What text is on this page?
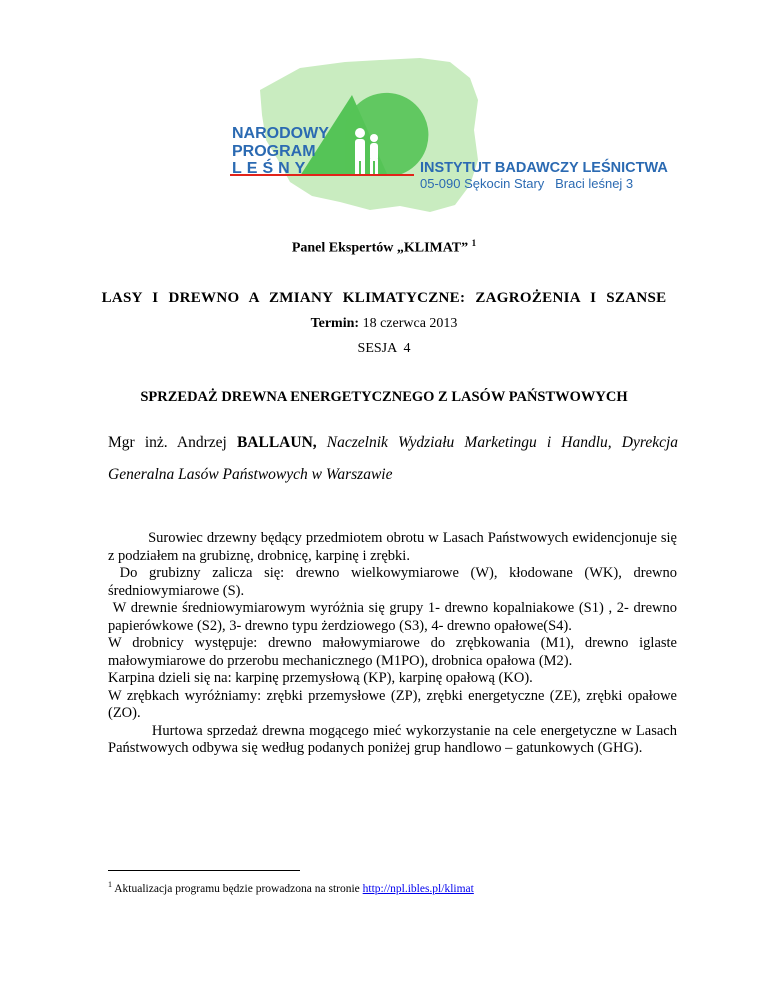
NARODOWY
PROGRAM
LEŚNY	INSTYTUT BADAWCZY LEŚNICTWA
05-090 Sękocin Stary   Braci leśnej 3
Panel Ekspertów „KLIMAT” $^1$
LASY I DREWNO A ZMIANY KLIMATYCZNE: ZAGROŻENIA I SZANSE
Termin: 18 czerwca 2013
SESJA  4
SPRZEDAŻ DREWNA ENERGETYCZNEGO Z LASÓW PAŃSTWOWYCH
Mgr inż. Andrzej BALLAUN, Naczelnik Wydziału Marketingu i Handlu, Dyrekcja Generalna Lasów Państwowych w Warszawie

Surowiec drzewny będący przedmiotem obrotu w Lasach Państwowych ewidencjonuje się z podziałem na grubiznę, drobnicę, karpinę i zrębki.

Do grubizny zalicza się: drewno wielkowymiarowe (W), kłodowane (WK), drewno średniowymiarowe (S).

W drewnie średniowymiarowym wyróżnia się grupy 1- drewno kopalniakowe (S1) , 2- drewno papierówkowe (S2), 3- drewno typu żerdziowego (S3), 4- drewno opałowe(S4).

W drobnicy występuje: drewno małowymiarowe do zrębkowania (M1), drewno iglaste małowymiarowe do przerobu mechanicznego (M1PO), drobnica opałowa (M2).

Karpina dzieli się na: karpinę przemysłową (KP), karpinę opałową (KO).

W zrębkach wyróżniamy: zrębki przemysłowe (ZP), zrębki energetyczne (ZE), zrębki opałowe (ZO).

Hurtowa sprzedaż drewna mogącego mieć wykorzystanie na cele energetyczne w Lasach Państwowych odbywa się według podanych poniżej grup handlowo – gatunkowych (GHG).

$^1$ Aktualizacja programu będzie prowadzona na stronie http://npl.ibles.pl/klimat
